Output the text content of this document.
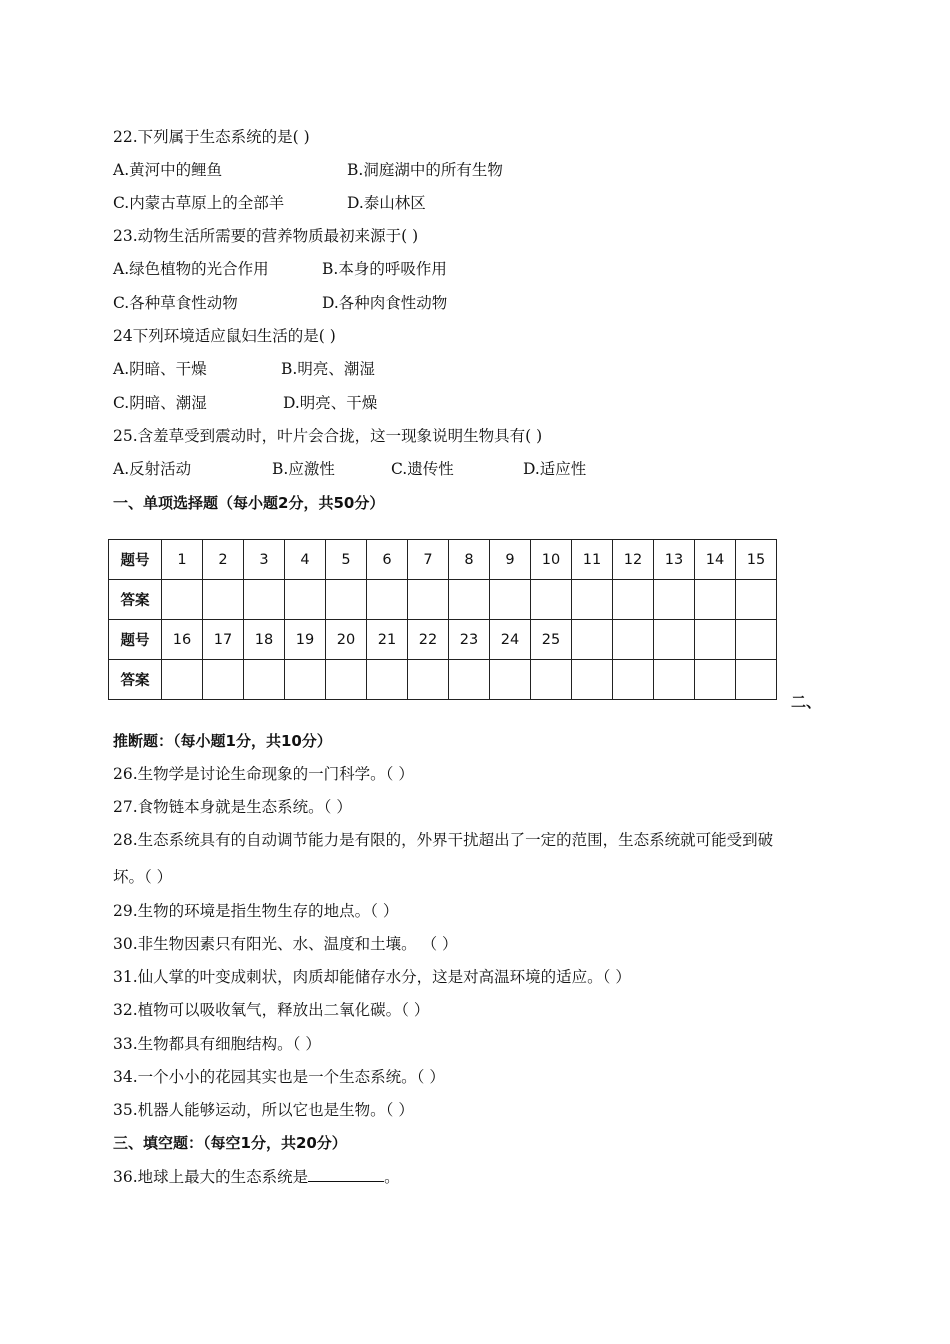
22.下列属于生态系统的是( )
A.黄河中的鲤鱼	B.洞庭湖中的所有生物
C.内蒙古草原上的全部羊	D.泰山林区
23.动物生活所需要的营养物质最初来源于( )
A.绿色植物的光合作用	B.本身的呼吸作用
C.各种草食性动物	D.各种肉食性动物
24下列环境适应鼠妇生活的是( )
A.阴暗、干燥	B.明亮、潮湿
C.阴暗、潮湿	D.明亮、干燥
25.含羞草受到震动时，叶片会合拢，这一现象说明生物具有( )
A.反射活动	B.应激性	C.遗传性	D.适应性
一、单项选择题（每小题2分，共50分）
题号	1	2	3	4	5	6	7	8	9	10	11	12	13	14	15
答案															
题号	16	17	18	19	20	21	22	23	24	25					
答案															
二、
推断题：（每小题1分，共10分）
26.生物学是讨论生命现象的一门科学。（ ）
27.食物链本身就是生态系统。（ ）
28.生态系统具有的自动调节能力是有限的，外界干扰超出了一定的范围，生态系统就可能受到破
坏。（ ）
29.生物的环境是指生物生存的地点。（ ）
30.非生物因素只有阳光、水、温度和土壤。 （ ）
31.仙人掌的叶变成刺状，肉质却能储存水分，这是对高温环境的适应。（ ）
32.植物可以吸收氧气，释放出二氧化碳。（ ）
33.生物都具有细胞结构。（ ）
34.一个小小的花园其实也是一个生态系统。（ ）
35.机器人能够运动，所以它也是生物。（ ）
三、填空题：（每空1分，共20分）
36.地球上最大的生态系统是	。
